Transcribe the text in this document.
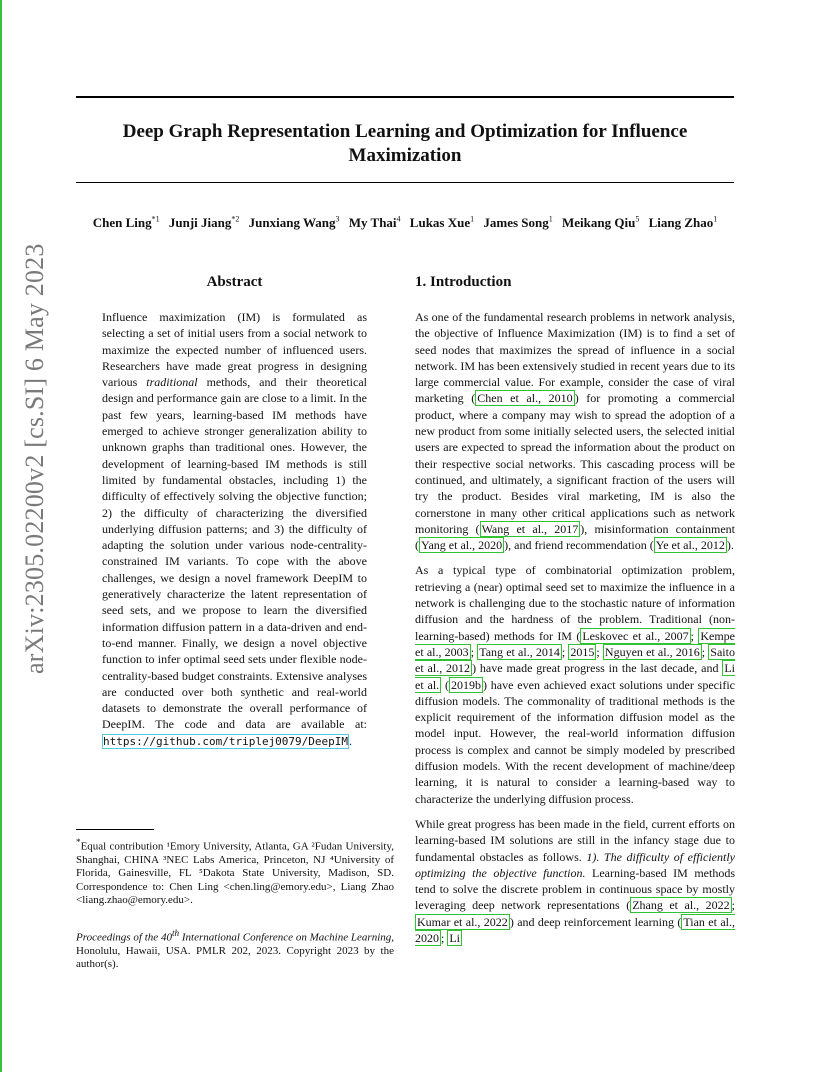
arXiv:2305.02200v2 [cs.SI] 6 May 2023
Deep Graph Representation Learning and Optimization for Influence Maximization
Chen Ling$^{*1}$ Junji Jiang$^{*2}$ Junxiang Wang$^3$ My Thai$^4$ Lukas Xue$^1$ James Song$^1$ Meikang Qiu$^5$ Liang Zhao$^1$
Abstract

Influence maximization (IM) is formulated as selecting a set of initial users from a social network to maximize the expected number of influenced users. Researchers have made great progress in designing various traditional methods, and their theoretical design and performance gain are close to a limit. In the past few years, learning-based IM methods have emerged to achieve stronger generalization ability to unknown graphs than traditional ones. However, the development of learning-based IM methods is still limited by fundamental obstacles, including 1) the difficulty of effectively solving the objective function; 2) the difficulty of characterizing the diversified underlying diffusion patterns; and 3) the difficulty of adapting the solution under various node-centrality-constrained IM variants. To cope with the above challenges, we design a novel framework DeepIM to generatively characterize the latent representation of seed sets, and we propose to learn the diversified information diffusion pattern in a data-driven and end-to-end manner. Finally, we design a novel objective function to infer optimal seed sets under flexible node-centrality-based budget constraints. Extensive analyses are conducted over both synthetic and real-world datasets to demonstrate the overall performance of DeepIM. The code and data are available at: https://github.com/triplej0079/DeepIM.

*Equal contribution ¹Emory University, Atlanta, GA ²Fudan University, Shanghai, CHINA ³NEC Labs America, Princeton, NJ ⁴University of Florida, Gainesville, FL ⁵Dakota State University, Madison, SD. Correspondence to: Chen Ling <chen.ling@emory.edu>, Liang Zhao <liang.zhao@emory.edu>.
Proceedings of the 40th International Conference on Machine Learning, Honolulu, Hawaii, USA. PMLR 202, 2023. Copyright 2023 by the author(s).
1. Introduction

As one of the fundamental research problems in network analysis, the objective of Influence Maximization (IM) is to find a set of seed nodes that maximizes the spread of influence in a social network. IM has been extensively studied in recent years due to its large commercial value. For example, consider the case of viral marketing ( Chen et al., 2010 ) for promoting a commercial product, where a company may wish to spread the adoption of a new product from some initially selected users, the selected initial users are expected to spread the information about the product on their respective social networks. This cascading process will be continued, and ultimately, a significant fraction of the users will try the product. Besides viral marketing, IM is also the cornerstone in many other critical applications such as network monitoring ( Wang et al., 2017 ), misinformation containment ( Yang et al., 2020 ), and friend recommendation ( Ye et al., 2012 ).

As a typical type of combinatorial optimization problem, retrieving a (near) optimal seed set to maximize the influence in a network is challenging due to the stochastic nature of information diffusion and the hardness of the problem. Traditional (non-learning-based) methods for IM ( Leskovec et al., 2007 ; Kempe et al., 2003 ; Tang et al., 2014 ; 2015 ; Nguyen et al., 2016 ; Saito et al., 2012 ) have made great progress in the last decade, and Li et al. ( 2019b ) have even achieved exact solutions under specific diffusion models. The commonality of traditional methods is the explicit requirement of the information diffusion model as the model input. However, the real-world information diffusion process is complex and cannot be simply modeled by prescribed diffusion models. With the recent development of machine/deep learning, it is natural to consider a learning-based way to characterize the underlying diffusion process.

While great progress has been made in the field, current efforts on learning-based IM solutions are still in the infancy stage due to fundamental obstacles as follows. 1). The difficulty of efficiently optimizing the objective function. Learning-based IM methods tend to solve the discrete problem in continuous space by mostly leveraging deep network representations ( Zhang et al., 2022 ; Kumar et al., 2022 ) and deep reinforcement learning ( Tian et al., 2020 ; Li
